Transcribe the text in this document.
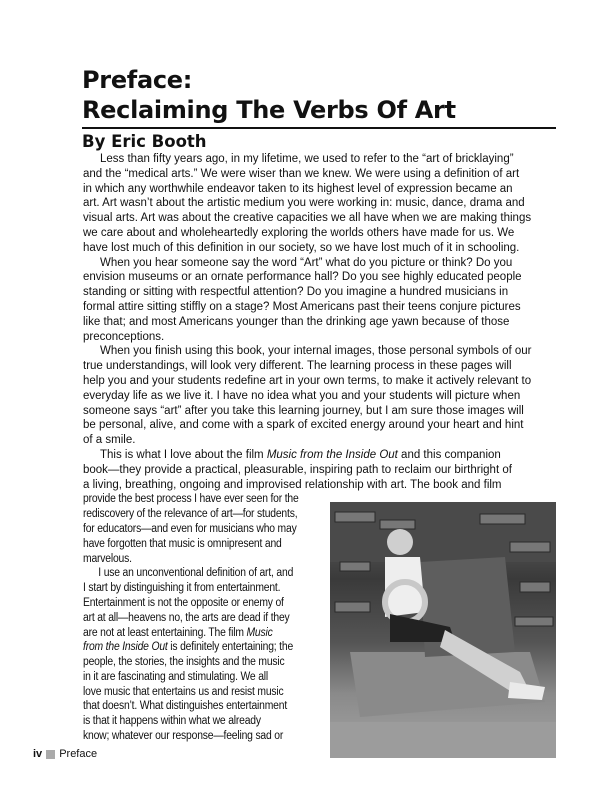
Preface:
Reclaiming The Verbs Of Art
By Eric Booth
Less than fifty years ago, in my lifetime, we used to refer to the “art of bricklaying”
and the “medical arts.” We were wiser than we knew. We were using a definition of art
in which any worthwhile endeavor taken to its highest level of expression became an
art. Art wasn’t about the artistic medium you were working in: music, dance, drama and
visual arts. Art was about the creative capacities we all have when we are making things
we care about and wholeheartedly exploring the worlds others have made for us. We
have lost much of this definition in our society, so we have lost much of it in schooling.
When you hear someone say the word “Art” what do you picture or think? Do you
envision museums or an ornate performance hall? Do you see highly educated people
standing or sitting with respectful attention? Do you imagine a hundred musicians in
formal attire sitting stiffly on a stage? Most Americans past their teens conjure pictures
like that; and most Americans younger than the drinking age yawn because of those
preconceptions.
When you finish using this book, your internal images, those personal symbols of our
true understandings, will look very different. The learning process in these pages will
help you and your students redefine art in your own terms, to make it actively relevant to
everyday life as we live it. I have no idea what you and your students will picture when
someone says “art” after you take this learning journey, but I am sure those images will
be personal, alive, and come with a spark of excited energy around your heart and hint
of a smile.
This is what I love about the film Music from the Inside Out and this companion
book—they provide a practical, pleasurable, inspiring path to reclaim our birthright of
a living, breathing, ongoing and improvised relationship with art. The book and film
provide the best process I have ever seen for the
rediscovery of the relevance of art—for students,
for educators—and even for musicians who may
have forgotten that music is omnipresent and
marvelous.
I use an unconventional definition of art, and
I start by distinguishing it from entertainment.
Entertainment is not the opposite or enemy of
art at all—heavens no, the arts are dead if they
are not at least entertaining. The film Music
from the Inside Out is definitely entertaining; the
people, the stories, the insights and the music
in it are fascinating and stimulating. We all
love music that entertains us and resist music
that doesn’t. What distinguishes entertainment
is that it happens within what we already
know; whatever our response—feeling sad or
iv Preface
